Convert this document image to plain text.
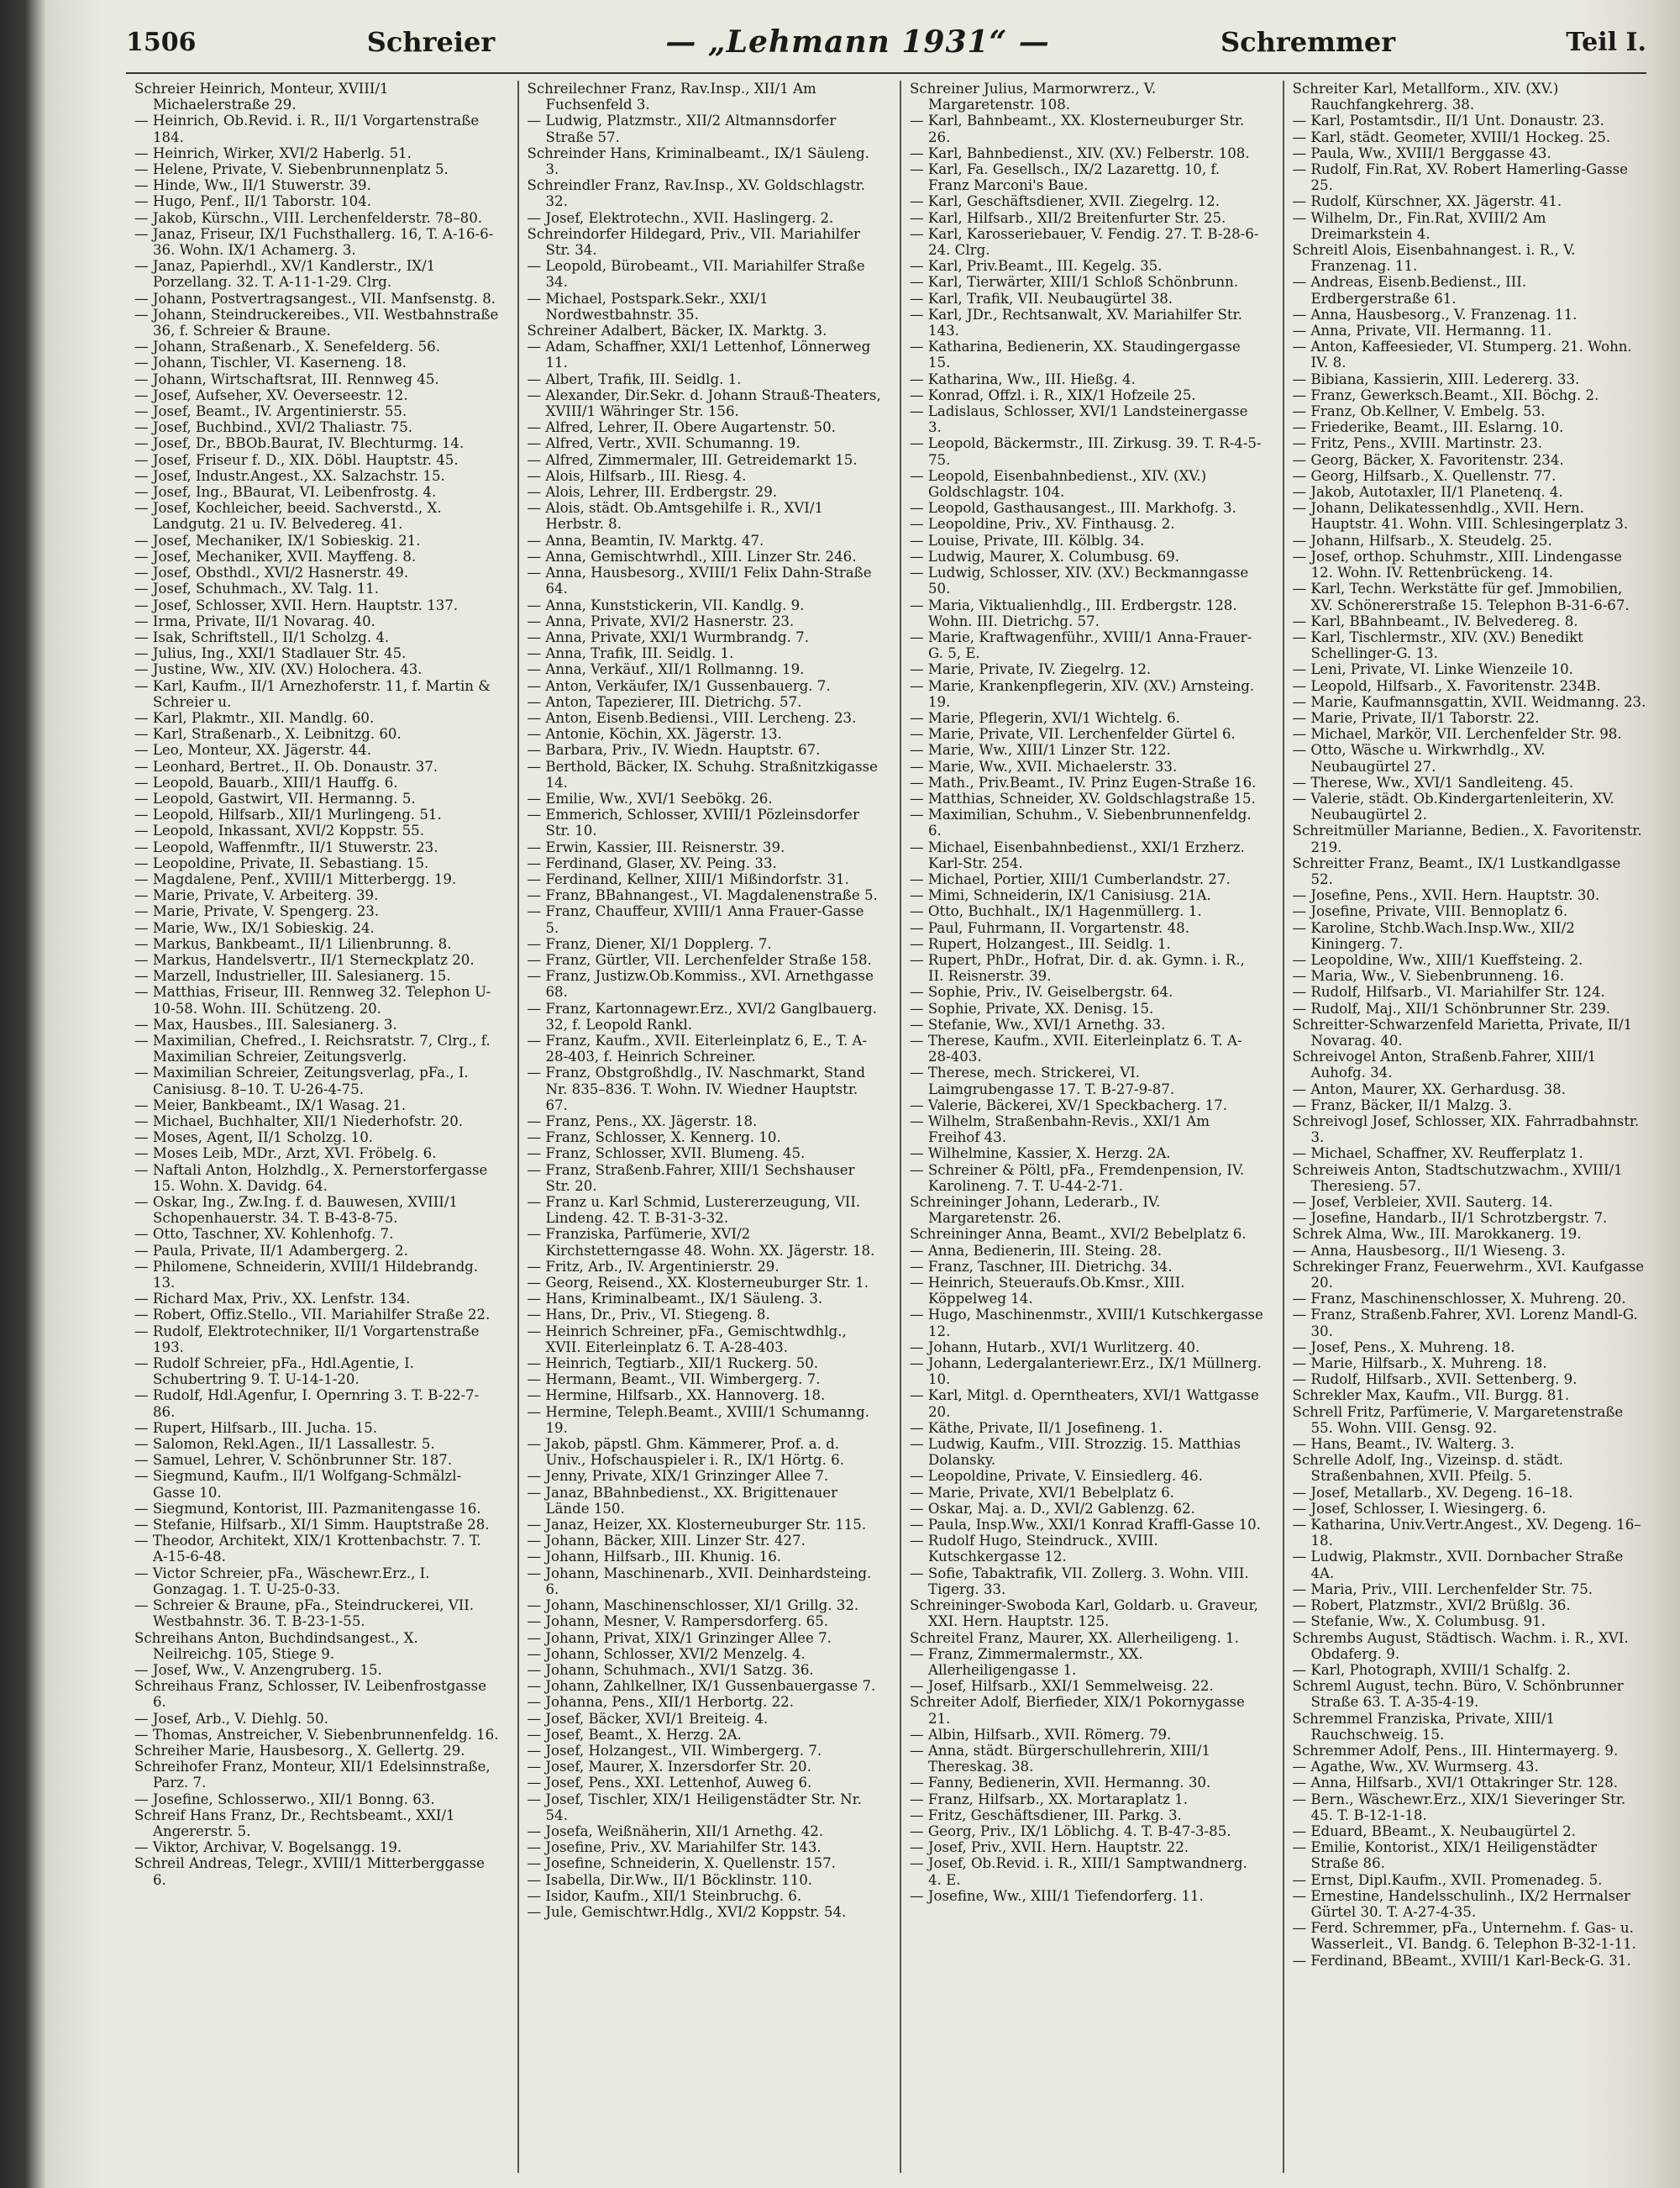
1506	Schreier	— „Lehmann 1931“ —	Schremmer	Teil I.
Schreier Heinrich, Monteur, XVIII/1 Michaelerstraße 29.
— Heinrich, Ob.Revid. i. R., II/1 Vorgartenstraße 184.
— Heinrich, Wirker, XVI/2 Haberlg. 51.
— Helene, Private, V. Siebenbrunnenplatz 5.
— Hinde, Ww., II/1 Stuwerstr. 39.
— Hugo, Penf., II/1 Taborstr. 104.
— Jakob, Kürschn., VIII. Lerchenfelderstr. 78–80.
— Janaz, Friseur, IX/1 Fuchsthallerg. 16, T. A-16-6-36. Wohn. IX/1 Achamerg. 3.
— Janaz, Papierhdl., XV/1 Kandlerstr., IX/1 Porzellang. 32. T. A-11-1-29. Clrg.
— Johann, Postvertragsangest., VII. Manfsenstg. 8.
— Johann, Steindruckereibes., VII. Westbahnstraße 36, f. Schreier & Braune.
— Johann, Straßenarb., X. Senefelderg. 56.
— Johann, Tischler, VI. Kaserneng. 18.
— Johann, Wirtschaftsrat, III. Rennweg 45.
— Josef, Aufseher, XV. Oeverseestr. 12.
— Josef, Beamt., IV. Argentinierstr. 55.
— Josef, Buchbind., XVI/2 Thaliastr. 75.
— Josef, Dr., BBOb.Baurat, IV. Blechturmg. 14.
— Josef, Friseur f. D., XIX. Döbl. Hauptstr. 45.
— Josef, Industr.Angest., XX. Salzachstr. 15.
— Josef, Ing., BBaurat, VI. Leibenfrostg. 4.
— Josef, Kochleicher, beeid. Sachverstd., X. Landgutg. 21 u. IV. Belvedereg. 41.
— Josef, Mechaniker, IX/1 Sobieskig. 21.
— Josef, Mechaniker, XVII. Mayffeng. 8.
— Josef, Obsthdl., XVI/2 Hasnerstr. 49.
— Josef, Schuhmach., XV. Talg. 11.
— Josef, Schlosser, XVII. Hern. Hauptstr. 137.
— Irma, Private, II/1 Novarag. 40.
— Isak, Schriftstell., II/1 Scholzg. 4.
— Julius, Ing., XXI/1 Stadlauer Str. 45.
— Justine, Ww., XIV. (XV.) Holochera. 43.
— Karl, Kaufm., II/1 Arnezhoferstr. 11, f. Martin & Schreier u.
— Karl, Plakmtr., XII. Mandlg. 60.
— Karl, Straßenarb., X. Leibnitzg. 60.
— Leo, Monteur, XX. Jägerstr. 44.
— Leonhard, Bertret., II. Ob. Donaustr. 37.
— Leopold, Bauarb., XIII/1 Hauffg. 6.
— Leopold, Gastwirt, VII. Hermanng. 5.
— Leopold, Hilfsarb., XII/1 Murlingeng. 51.
— Leopold, Inkassant, XVI/2 Koppstr. 55.
— Leopold, Waffenmftr., II/1 Stuwerstr. 23.
— Leopoldine, Private, II. Sebastiang. 15.
— Magdalene, Penf., XVIII/1 Mitterbergg. 19.
— Marie, Private, V. Arbeiterg. 39.
— Marie, Private, V. Spengerg. 23.
— Marie, Ww., IX/1 Sobieskig. 24.
— Markus, Bankbeamt., II/1 Lilienbrunng. 8.
— Markus, Handelsvertr., II/1 Sterneckplatz 20.
— Marzell, Industrieller, III. Salesianerg. 15.
— Matthias, Friseur, III. Rennweg 32. Telephon U-10-58. Wohn. III. Schützeng. 20.
— Max, Hausbes., III. Salesianerg. 3.
— Maximilian, Chefred., I. Reichsratstr. 7, Clrg., f. Maximilian Schreier, Zeitungsverlg.
— Maximilian Schreier, Zeitungsverlag, pFa., I. Canisiusg. 8–10. T. U-26-4-75.
— Meier, Bankbeamt., IX/1 Wasag. 21.
— Michael, Buchhalter, XII/1 Niederhofstr. 20.
— Moses, Agent, II/1 Scholzg. 10.
— Moses Leib, MDr., Arzt, XVI. Fröbelg. 6.
— Naftali Anton, Holzhdlg., X. Pernerstorfergasse 15. Wohn. X. Davidg. 64.
— Oskar, Ing., Zw.Ing. f. d. Bauwesen, XVIII/1 Schopenhauerstr. 34. T. B-43-8-75.
— Otto, Taschner, XV. Kohlenhofg. 7.
— Paula, Private, II/1 Adambergerg. 2.
— Philomene, Schneiderin, XVIII/1 Hildebrandg. 13.
— Richard Max, Priv., XX. Lenfstr. 134.
— Robert, Offiz.Stello., VII. Mariahilfer Straße 22.
— Rudolf, Elektrotechniker, II/1 Vorgartenstraße 193.
— Rudolf Schreier, pFa., Hdl.Agentie, I. Schubertring 9. T. U-14-1-20.
— Rudolf, Hdl.Agenfur, I. Opernring 3. T. B-22-7-86.
— Rupert, Hilfsarb., III. Jucha. 15.
— Salomon, Rekl.Agen., II/1 Lassallestr. 5.
— Samuel, Lehrer, V. Schönbrunner Str. 187.
— Siegmund, Kaufm., II/1 Wolfgang-Schmälzl-Gasse 10.
— Siegmund, Kontorist, III. Pazmanitengasse 16.
— Stefanie, Hilfsarb., XI/1 Simm. Hauptstraße 28.
— Theodor, Architekt, XIX/1 Krottenbachstr. 7. T. A-15-6-48.
— Victor Schreier, pFa., Wäschewr.Erz., I. Gonzagag. 1. T. U-25-0-33.
— Schreier & Braune, pFa., Steindruckerei, VII. Westbahnstr. 36. T. B-23-1-55.
Schreihans Anton, Buchdindsangest., X. Neilreichg. 105, Stiege 9.
— Josef, Ww., V. Anzengruberg. 15.
Schreihaus Franz, Schlosser, IV. Leibenfrostgasse 6.
— Josef, Arb., V. Diehlg. 50.
— Thomas, Anstreicher, V. Siebenbrunnenfeldg. 16.
Schreiher Marie, Hausbesorg., X. Gellertg. 29.
Schreihofer Franz, Monteur, XII/1 Edelsinnstraße, Parz. 7.
— Josefine, Schlosserwo., XII/1 Bonng. 63.
Schreif Hans Franz, Dr., Rechtsbeamt., XXI/1 Angererstr. 5.
— Viktor, Archivar, V. Bogelsangg. 19.
Schreil Andreas, Telegr., XVIII/1 Mitterberggasse 6.
Schreilechner Franz, Rav.Insp., XII/1 Am Fuchsenfeld 3.
— Ludwig, Platzmstr., XII/2 Altmannsdorfer Straße 57.
Schreinder Hans, Kriminalbeamt., IX/1 Säuleng. 3.
Schreindler Franz, Rav.Insp., XV. Goldschlagstr. 32.
— Josef, Elektrotechn., XVII. Haslingerg. 2.
Schreindorfer Hildegard, Priv., VII. Mariahilfer Str. 34.
— Leopold, Bürobeamt., VII. Mariahilfer Straße 34.
— Michael, Postspark.Sekr., XXI/1 Nordwestbahnstr. 35.
Schreiner Adalbert, Bäcker, IX. Marktg. 3.
— Adam, Schaffner, XXI/1 Lettenhof, Lönnerweg 11.
— Albert, Trafik, III. Seidlg. 1.
— Alexander, Dir.Sekr. d. Johann Strauß-Theaters, XVIII/1 Währinger Str. 156.
— Alfred, Lehrer, II. Obere Augartenstr. 50.
— Alfred, Vertr., XVII. Schumanng. 19.
— Alfred, Zimmermaler, III. Getreidemarkt 15.
— Alois, Hilfsarb., III. Riesg. 4.
— Alois, Lehrer, III. Erdbergstr. 29.
— Alois, städt. Ob.Amtsgehilfe i. R., XVI/1 Herbstr. 8.
— Anna, Beamtin, IV. Marktg. 47.
— Anna, Gemischtwrhdl., XIII. Linzer Str. 246.
— Anna, Hausbesorg., XVIII/1 Felix Dahn-Straße 64.
— Anna, Kunststickerin, VII. Kandlg. 9.
— Anna, Private, XVI/2 Hasnerstr. 23.
— Anna, Private, XXI/1 Wurmbrandg. 7.
— Anna, Trafik, III. Seidlg. 1.
— Anna, Verkäuf., XII/1 Rollmanng. 19.
— Anton, Verkäufer, IX/1 Gussenbauerg. 7.
— Anton, Tapezierer, III. Dietrichg. 57.
— Anton, Eisenb.Bediensi., VIII. Lercheng. 23.
— Antonie, Köchin, XX. Jägerstr. 13.
— Barbara, Priv., IV. Wiedn. Hauptstr. 67.
— Berthold, Bäcker, IX. Schuhg. Straßnitzkigasse 14.
— Emilie, Ww., XVI/1 Seebökg. 26.
— Emmerich, Schlosser, XVIII/1 Pözleinsdorfer Str. 10.
— Erwin, Kassier, III. Reisnerstr. 39.
— Ferdinand, Glaser, XV. Peing. 33.
— Ferdinand, Kellner, XIII/1 Mißindorfstr. 31.
— Franz, BBahnangest., VI. Magdalenenstraße 5.
— Franz, Chauffeur, XVIII/1 Anna Frauer-Gasse 5.
— Franz, Diener, XI/1 Dopplerg. 7.
— Franz, Gürtler, VII. Lerchenfelder Straße 158.
— Franz, Justizw.Ob.Kommiss., XVI. Arnethgasse 68.
— Franz, Kartonnagewr.Erz., XVI/2 Ganglbauerg. 32, f. Leopold Rankl.
— Franz, Kaufm., XVII. Eiterleinplatz 6, E., T. A-28-403, f. Heinrich Schreiner.
— Franz, Obstgroßhdlg., IV. Naschmarkt, Stand Nr. 835–836. T. Wohn. IV. Wiedner Hauptstr. 67.
— Franz, Pens., XX. Jägerstr. 18.
— Franz, Schlosser, X. Kennerg. 10.
— Franz, Schlosser, XVII. Blumeng. 45.
— Franz, Straßenb.Fahrer, XIII/1 Sechshauser Str. 20.
— Franz u. Karl Schmid, Lustererzeugung, VII. Lindeng. 42. T. B-31-3-32.
— Franziska, Parfümerie, XVI/2 Kirchstetterngasse 48. Wohn. XX. Jägerstr. 18.
— Fritz, Arb., IV. Argentinierstr. 29.
— Georg, Reisend., XX. Klosterneuburger Str. 1.
— Hans, Kriminalbeamt., IX/1 Säuleng. 3.
— Hans, Dr., Priv., VI. Stiegeng. 8.
— Heinrich Schreiner, pFa., Gemischtwdhlg., XVII. Eiterleinplatz 6. T. A-28-403.
— Heinrich, Tegtiarb., XII/1 Ruckerg. 50.
— Hermann, Beamt., VII. Wimbergerg. 7.
— Hermine, Hilfsarb., XX. Hannoverg. 18.
— Hermine, Teleph.Beamt., XVIII/1 Schumanng. 19.
— Jakob, päpstl. Ghm. Kämmerer, Prof. a. d. Univ., Hofschauspieler i. R., IX/1 Hörtg. 6.
— Jenny, Private, XIX/1 Grinzinger Allee 7.
— Janaz, BBahnbedienst., XX. Brigittenauer Lände 150.
— Janaz, Heizer, XX. Klosterneuburger Str. 115.
— Johann, Bäcker, XIII. Linzer Str. 427.
— Johann, Hilfsarb., III. Khunig. 16.
— Johann, Maschinenarb., XVII. Deinhardsteing. 6.
— Johann, Maschinenschlosser, XI/1 Grillg. 32.
— Johann, Mesner, V. Rampersdorferg. 65.
— Johann, Privat, XIX/1 Grinzinger Allee 7.
— Johann, Schlosser, XVI/2 Menzelg. 4.
— Johann, Schuhmach., XVI/1 Satzg. 36.
— Johann, Zahlkellner, IX/1 Gussenbauergasse 7.
— Johanna, Pens., XII/1 Herbortg. 22.
— Josef, Bäcker, XVI/1 Breiteig. 4.
— Josef, Beamt., X. Herzg. 2A.
— Josef, Holzangest., VII. Wimbergerg. 7.
— Josef, Maurer, X. Inzersdorfer Str. 20.
— Josef, Pens., XXI. Lettenhof, Auweg 6.
— Josef, Tischler, XIX/1 Heiligenstädter Str. Nr. 54.
— Josefa, Weißnäherin, XII/1 Arnethg. 42.
— Josefine, Priv., XV. Mariahilfer Str. 143.
— Josefine, Schneiderin, X. Quellenstr. 157.
— Isabella, Dir.Ww., II/1 Böcklinstr. 110.
— Isidor, Kaufm., XII/1 Steinbruchg. 6.
— Jule, Gemischtwr.Hdlg., XVI/2 Koppstr. 54.
Schreiner Julius, Marmorwrerz., V. Margaretenstr. 108.
— Karl, Bahnbeamt., XX. Klosterneuburger Str. 26.
— Karl, Bahnbedienst., XIV. (XV.) Felberstr. 108.
— Karl, Fa. Gesellsch., IX/2 Lazarettg. 10, f. Franz Marconi's Baue.
— Karl, Geschäftsdiener, XVII. Ziegelrg. 12.
— Karl, Hilfsarb., XII/2 Breitenfurter Str. 25.
— Karl, Karosseriebauer, V. Fendig. 27. T. B-28-6-24. Clrg.
— Karl, Priv.Beamt., III. Kegelg. 35.
— Karl, Tierwärter, XIII/1 Schloß Schönbrunn.
— Karl, Trafik, VII. Neubaugürtel 38.
— Karl, JDr., Rechtsanwalt, XV. Mariahilfer Str. 143.
— Katharina, Bedienerin, XX. Staudingergasse 15.
— Katharina, Ww., III. Hießg. 4.
— Konrad, Offzl. i. R., XIX/1 Hofzeile 25.
— Ladislaus, Schlosser, XVI/1 Landsteinergasse 3.
— Leopold, Bäckermstr., III. Zirkusg. 39. T. R-4-5-75.
— Leopold, Eisenbahnbedienst., XIV. (XV.) Goldschlagstr. 104.
— Leopold, Gasthausangest., III. Markhofg. 3.
— Leopoldine, Priv., XV. Finthausg. 2.
— Louise, Private, III. Kölblg. 34.
— Ludwig, Maurer, X. Columbusg. 69.
— Ludwig, Schlosser, XIV. (XV.) Beckmanngasse 50.
— Maria, Viktualienhdlg., III. Erdbergstr. 128. Wohn. III. Dietrichg. 57.
— Marie, Kraftwagenführ., XVIII/1 Anna-Frauer-G. 5, E.
— Marie, Private, IV. Ziegelrg. 12.
— Marie, Krankenpflegerin, XIV. (XV.) Arnsteing. 19.
— Marie, Pflegerin, XVI/1 Wichtelg. 6.
— Marie, Private, VII. Lerchenfelder Gürtel 6.
— Marie, Ww., XIII/1 Linzer Str. 122.
— Marie, Ww., XVII. Michaelerstr. 33.
— Math., Priv.Beamt., IV. Prinz Eugen-Straße 16.
— Matthias, Schneider, XV. Goldschlagstraße 15.
— Maximilian, Schuhm., V. Siebenbrunnenfeldg. 6.
— Michael, Eisenbahnbedienst., XXI/1 Erzherz. Karl-Str. 254.
— Michael, Portier, XIII/1 Cumberlandstr. 27.
— Mimi, Schneiderin, IX/1 Canisiusg. 21A.
— Otto, Buchhalt., IX/1 Hagenmüllerg. 1.
— Paul, Fuhrmann, II. Vorgartenstr. 48.
— Rupert, Holzangest., III. Seidlg. 1.
— Rupert, PhDr., Hofrat, Dir. d. ak. Gymn. i. R., II. Reisnerstr. 39.
— Sophie, Priv., IV. Geiselbergstr. 64.
— Sophie, Private, XX. Denisg. 15.
— Stefanie, Ww., XVI/1 Arnethg. 33.
— Therese, Kaufm., XVII. Eiterleinplatz 6. T. A-28-403.
— Therese, mech. Strickerei, VI. Laimgrubengasse 17. T. B-27-9-87.
— Valerie, Bäckerei, XV/1 Speckbacherg. 17.
— Wilhelm, Straßenbahn-Revis., XXI/1 Am Freihof 43.
— Wilhelmine, Kassier, X. Herzg. 2A.
— Schreiner & Pöltl, pFa., Fremdenpension, IV. Karolineng. 7. T. U-44-2-71.
Schreininger Johann, Lederarb., IV. Margaretenstr. 26.
Schreininger Anna, Beamt., XVI/2 Bebelplatz 6.
— Anna, Bedienerin, III. Steing. 28.
— Franz, Taschner, III. Dietrichg. 34.
— Heinrich, Steueraufs.Ob.Kmsr., XIII. Köppelweg 14.
— Hugo, Maschinenmstr., XVIII/1 Kutschkergasse 12.
— Johann, Hutarb., XVI/1 Wurlitzerg. 40.
— Johann, Ledergalanteriewr.Erz., IX/1 Müllnerg. 10.
— Karl, Mitgl. d. Operntheaters, XVI/1 Wattgasse 20.
— Käthe, Private, II/1 Josefineng. 1.
— Ludwig, Kaufm., VIII. Strozzig. 15. Matthias Dolansky.
— Leopoldine, Private, V. Einsiedlerg. 46.
— Marie, Private, XVI/1 Bebelplatz 6.
— Oskar, Maj. a. D., XVI/2 Gablenzg. 62.
— Paula, Insp.Ww., XXI/1 Konrad Kraffl-Gasse 10.
— Rudolf Hugo, Steindruck., XVIII. Kutschkergasse 12.
— Sofie, Tabaktrafik, VII. Zollerg. 3. Wohn. VIII. Tigerg. 33.
Schreininger-Swoboda Karl, Goldarb. u. Graveur, XXI. Hern. Hauptstr. 125.
Schreitel Franz, Maurer, XX. Allerheiligeng. 1.
— Franz, Zimmermalermstr., XX. Allerheiligengasse 1.
— Josef, Hilfsarb., XXI/1 Semmelweisg. 22.
Schreiter Adolf, Bierfieder, XIX/1 Pokornygasse 21.
— Albin, Hilfsarb., XVII. Römerg. 79.
— Anna, städt. Bürgerschullehrerin, XIII/1 Thereskag. 38.
— Fanny, Bedienerin, XVII. Hermanng. 30.
— Franz, Hilfsarb., XX. Mortaraplatz 1.
— Fritz, Geschäftsdiener, III. Parkg. 3.
— Georg, Priv., IX/1 Löblichg. 4. T. B-47-3-85.
— Josef, Priv., XVII. Hern. Hauptstr. 22.
— Josef, Ob.Revid. i. R., XIII/1 Samptwandnerg. 4. E.
— Josefine, Ww., XIII/1 Tiefendorferg. 11.
Schreiter Karl, Metallform., XIV. (XV.) Rauchfangkehrerg. 38.
— Karl, Postamtsdir., II/1 Unt. Donaustr. 23.
— Karl, städt. Geometer, XVIII/1 Hockeg. 25.
— Paula, Ww., XVIII/1 Berggasse 43.
— Rudolf, Fin.Rat, XV. Robert Hamerling-Gasse 25.
— Rudolf, Kürschner, XX. Jägerstr. 41.
— Wilhelm, Dr., Fin.Rat, XVIII/2 Am Dreimarkstein 4.
Schreitl Alois, Eisenbahnangest. i. R., V. Franzenag. 11.
— Andreas, Eisenb.Bedienst., III. Erdbergerstraße 61.
— Anna, Hausbesorg., V. Franzenag. 11.
— Anna, Private, VII. Hermanng. 11.
— Anton, Kaffeesieder, VI. Stumperg. 21. Wohn. IV. 8.
— Bibiana, Kassierin, XIII. Ledererg. 33.
— Franz, Gewerksch.Beamt., XII. Böchg. 2.
— Franz, Ob.Kellner, V. Embelg. 53.
— Friederike, Beamt., III. Eslarng. 10.
— Fritz, Pens., XVIII. Martinstr. 23.
— Georg, Bäcker, X. Favoritenstr. 234.
— Georg, Hilfsarb., X. Quellenstr. 77.
— Jakob, Autotaxler, II/1 Planetenq. 4.
— Johann, Delikatessenhdlg., XVII. Hern. Hauptstr. 41. Wohn. VIII. Schlesingerplatz 3.
— Johann, Hilfsarb., X. Steudelg. 25.
— Josef, orthop. Schuhmstr., XIII. Lindengasse 12. Wohn. IV. Rettenbrückeng. 14.
— Karl, Techn. Werkstätte für gef. Jmmobilien, XV. Schönererstraße 15. Telephon B-31-6-67.
— Karl, BBahnbeamt., IV. Belvedereg. 8.
— Karl, Tischlermstr., XIV. (XV.) Benedikt Schellinger-G. 13.
— Leni, Private, VI. Linke Wienzeile 10.
— Leopold, Hilfsarb., X. Favoritenstr. 234B.
— Marie, Kaufmannsgattin, XVII. Weidmanng. 23.
— Marie, Private, II/1 Taborstr. 22.
— Michael, Markör, VII. Lerchenfelder Str. 98.
— Otto, Wäsche u. Wirkwrhdlg., XV. Neubaugürtel 27.
— Therese, Ww., XVI/1 Sandleiteng. 45.
— Valerie, städt. Ob.Kindergartenleiterin, XV. Neubaugürtel 2.
Schreitmüller Marianne, Bedien., X. Favoritenstr. 219.
Schreitter Franz, Beamt., IX/1 Lustkandlgasse 52.
— Josefine, Pens., XVII. Hern. Hauptstr. 30.
— Josefine, Private, VIII. Bennoplatz 6.
— Karoline, Stchb.Wach.Insp.Ww., XII/2 Kiningerg. 7.
— Leopoldine, Ww., XIII/1 Kueffsteing. 2.
— Maria, Ww., V. Siebenbrunneng. 16.
— Rudolf, Hilfsarb., VI. Mariahilfer Str. 124.
— Rudolf, Maj., XII/1 Schönbrunner Str. 239.
Schreitter-Schwarzenfeld Marietta, Private, II/1 Novarag. 40.
Schreivogel Anton, Straßenb.Fahrer, XIII/1 Auhofg. 34.
— Anton, Maurer, XX. Gerhardusg. 38.
— Franz, Bäcker, II/1 Malzg. 3.
Schreivogl Josef, Schlosser, XIX. Fahrradbahnstr. 3.
— Michael, Schaffner, XV. Reufferplatz 1.
Schreiweis Anton, Stadtschutzwachm., XVIII/1 Theresieng. 57.
— Josef, Verbleier, XVII. Sauterg. 14.
— Josefine, Handarb., II/1 Schrotzbergstr. 7.
Schrek Alma, Ww., III. Marokkanerg. 19.
— Anna, Hausbesorg., II/1 Wieseng. 3.
Schrekinger Franz, Feuerwehrm., XVI. Kaufgasse 20.
— Franz, Maschinenschlosser, X. Muhreng. 20.
— Franz, Straßenb.Fahrer, XVI. Lorenz Mandl-G. 30.
— Josef, Pens., X. Muhreng. 18.
— Marie, Hilfsarb., X. Muhreng. 18.
— Rudolf, Hilfsarb., XVII. Settenberg. 9.
Schrekler Max, Kaufm., VII. Burgg. 81.
Schrell Fritz, Parfümerie, V. Margaretenstraße 55. Wohn. VIII. Gensg. 92.
— Hans, Beamt., IV. Walterg. 3.
Schrelle Adolf, Ing., Vizeinsp. d. städt. Straßenbahnen, XVII. Pfeilg. 5.
— Josef, Metallarb., XV. Degeng. 16–18.
— Josef, Schlosser, I. Wiesingerg. 6.
— Katharina, Univ.Vertr.Angest., XV. Degeng. 16–18.
— Ludwig, Plakmstr., XVII. Dornbacher Straße 4A.
— Maria, Priv., VIII. Lerchenfelder Str. 75.
— Robert, Platzmstr., XVI/2 Brüßlg. 36.
— Stefanie, Ww., X. Columbusg. 91.
Schrembs August, Städtisch. Wachm. i. R., XVI. Obdaferg. 9.
— Karl, Photograph, XVIII/1 Schalfg. 2.
Schreml August, techn. Büro, V. Schönbrunner Straße 63. T. A-35-4-19.
Schremmel Franziska, Private, XIII/1 Rauchschweig. 15.
Schremmer Adolf, Pens., III. Hintermayerg. 9.
— Agathe, Ww., XV. Wurmserg. 43.
— Anna, Hilfsarb., XVI/1 Ottakringer Str. 128.
— Bern., Wäschewr.Erz., XIX/1 Sieveringer Str. 45. T. B-12-1-18.
— Eduard, BBeamt., X. Neubaugürtel 2.
— Emilie, Kontorist., XIX/1 Heiligenstädter Straße 86.
— Ernst, Dipl.Kaufm., XVII. Promenadeg. 5.
— Ernestine, Handelsschulinh., IX/2 Herrnalser Gürtel 30. T. A-27-4-35.
— Ferd. Schremmer, pFa., Unternehm. f. Gas- u. Wasserleit., VI. Bandg. 6. Telephon B-32-1-11.
— Ferdinand, BBeamt., XVIII/1 Karl-Beck-G. 31.
